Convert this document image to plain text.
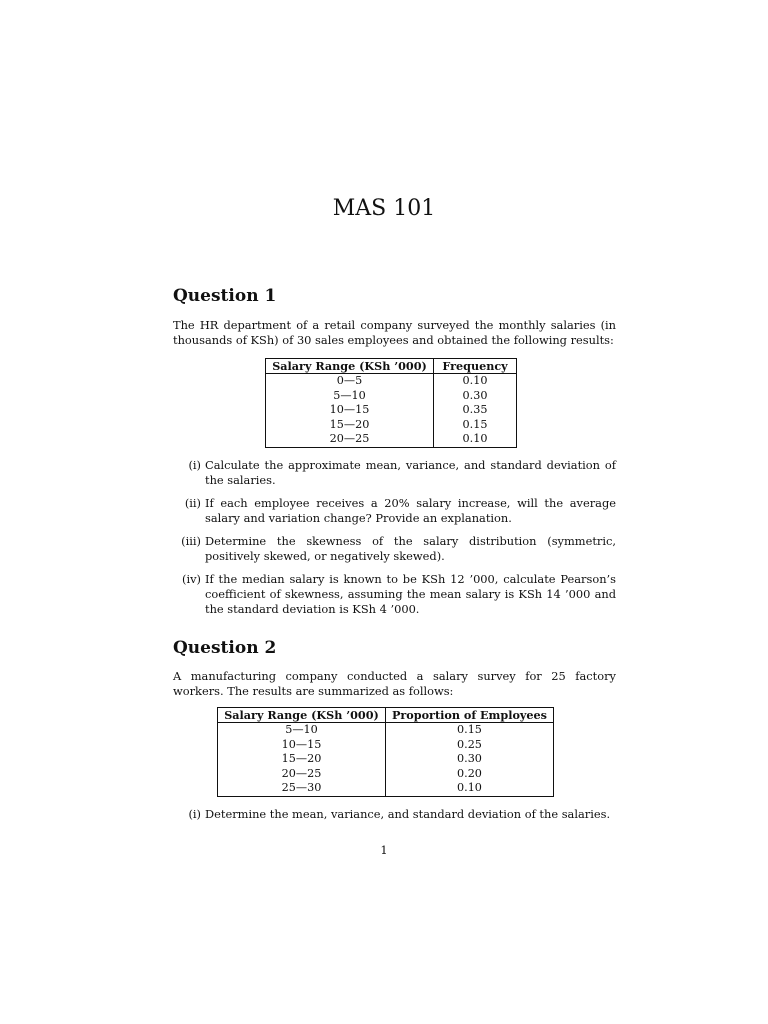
MAS 101
Question 1

The HR department of a retail company surveyed the monthly salaries (in thousands of KSh) of 30 sales employees and obtained the following results:

Salary Range (KSh ’000)	Frequency
0—5	0.10
5—10	0.30
10—15	0.35
15—20	0.15
20—25	0.10
(i) Calculate the approximate mean, variance, and standard deviation of the salaries.
(ii) If each employee receives a 20% salary increase, will the average salary and variation change? Provide an explanation.
(iii) Determine the skewness of the salary distribution (symmetric, positively skewed, or negatively skewed).
(iv) If the median salary is known to be KSh 12 ’000, calculate Pearson’s coefficient of skewness, assuming the mean salary is KSh 14 ’000 and the standard deviation is KSh 4 ’000.
Question 2

A manufacturing company conducted a salary survey for 25 factory workers. The results are summarized as follows:

Salary Range (KSh ’000)	Proportion of Employees
5—10	0.15
10—15	0.25
15—20	0.30
20—25	0.20
25—30	0.10
(i) Determine the mean, variance, and standard deviation of the salaries.
1
